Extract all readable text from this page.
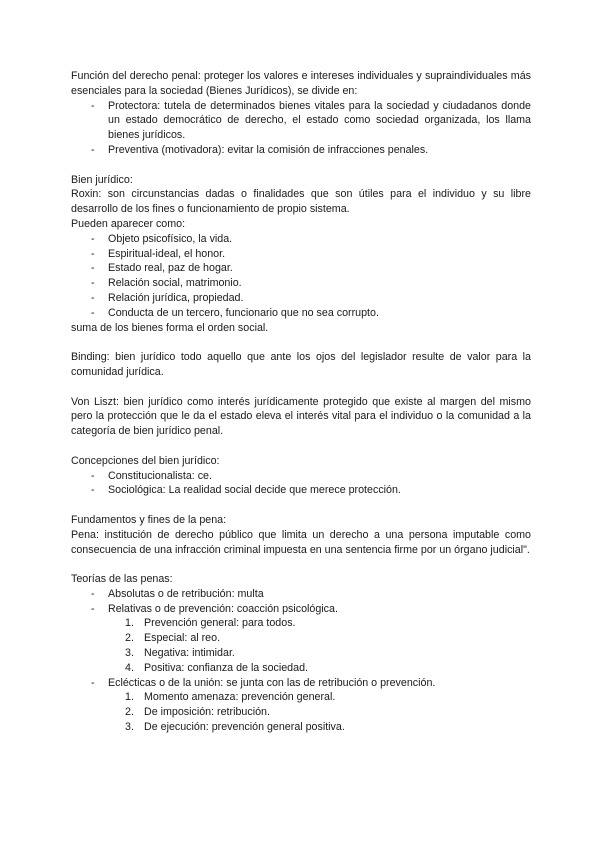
Función del derecho penal: proteger los valores e intereses individuales y supraindividuales más esenciales para la sociedad (Bienes Jurídicos), se divide en:

- Protectora: tutela de determinados bienes vitales para la sociedad y ciudadanos donde un estado democrático de derecho, el estado como sociedad organizada, los llama bienes jurídicos.
- Preventiva (motivadora): evitar la comisión de infracciones penales.

Bien jurídico:

Roxin: son circunstancias dadas o finalidades que son útiles para el individuo y su libre desarrollo de los fines o funcionamiento de propio sistema.

Pueden aparecer como:

- Objeto psicofísico, la vida.
- Espiritual-ideal, el honor.
- Estado real, paz de hogar.
- Relación social, matrimonio.
- Relación jurídica, propiedad.
- Conducta de un tercero, funcionario que no sea corrupto.

suma de los bienes forma el orden social.

Binding: bien jurídico todo aquello que ante los ojos del legislador resulte de valor para la comunidad jurídica.

Von Liszt: bien jurídico como interés jurídicamente protegido que existe al margen del mismo pero la protección que le da el estado eleva el interés vital para el individuo o la comunidad a la categoría de bien jurídico penal.

Concepciones del bien jurídico:

- Constitucionalista: ce.
- Sociológica: La realidad social decide que merece protección.

Fundamentos y fines de la pena:

Pena: institución de derecho público que limita un derecho a una persona imputable como consecuencia de una infracción criminal impuesta en una sentencia firme por un órgano judicial".

Teorías de las penas:

- Absolutas o de retribución: multa
- Relativas o de prevención: coacción psicológica.
1. Prevención general: para todos.
2. Especial: al reo.
3. Negativa: intimidar.
4. Positiva: confianza de la sociedad.
- Eclécticas o de la unión: se junta con las de retribución o prevención.
1. Momento amenaza: prevención general.
2. De imposición: retribución.
3. De ejecución: prevención general positiva.
